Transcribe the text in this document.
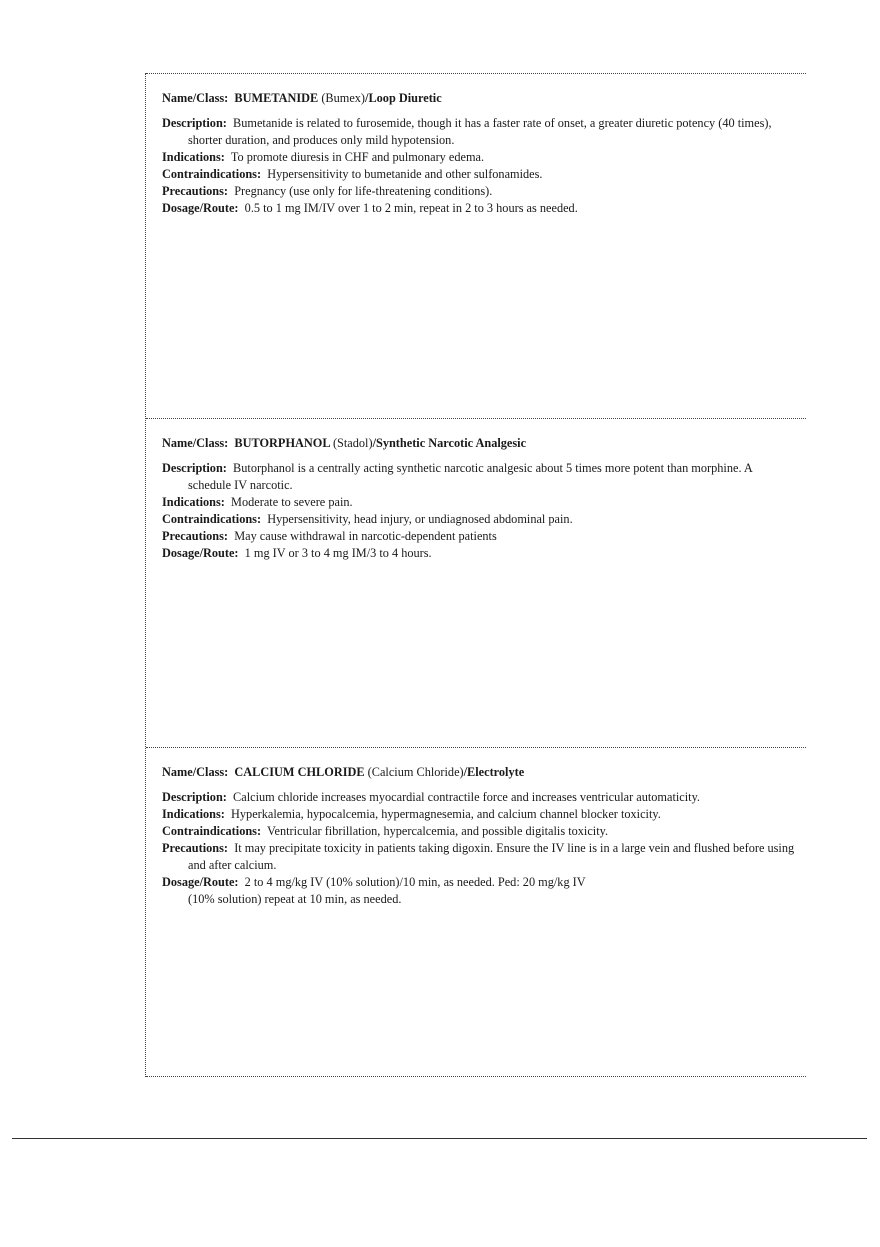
Name/Class: BUMETANIDE (Bumex)/Loop Diuretic

Description: Bumetanide is related to furosemide, though it has a faster rate of onset, a greater diuretic potency (40 times), shorter duration, and produces only mild hypotension.

Indications: To promote diuresis in CHF and pulmonary edema.

Contraindications: Hypersensitivity to bumetanide and other sulfonamides.

Precautions: Pregnancy (use only for life-threatening conditions).

Dosage/Route: 0.5 to 1 mg IM/IV over 1 to 2 min, repeat in 2 to 3 hours as needed.

Name/Class: BUTORPHANOL (Stadol)/Synthetic Narcotic Analgesic

Description: Butorphanol is a centrally acting synthetic narcotic analgesic about 5 times more potent than morphine. A schedule IV narcotic.

Indications: Moderate to severe pain.

Contraindications: Hypersensitivity, head injury, or undiagnosed abdominal pain.

Precautions: May cause withdrawal in narcotic-dependent patients

Dosage/Route: 1 mg IV or 3 to 4 mg IM/3 to 4 hours.

Name/Class: CALCIUM CHLORIDE (Calcium Chloride)/Electrolyte

Description: Calcium chloride increases myocardial contractile force and increases ventricular automaticity.

Indications: Hyperkalemia, hypocalcemia, hypermagnesemia, and calcium channel blocker toxicity.

Contraindications: Ventricular fibrillation, hypercalcemia, and possible digitalis toxicity.

Precautions: It may precipitate toxicity in patients taking digoxin. Ensure the IV line is in a large vein and flushed before using and after calcium.

Dosage/Route: 2 to 4 mg/kg IV (10% solution)/10 min, as needed. Ped: 20 mg/kg IV
(10% solution) repeat at 10 min, as needed.
